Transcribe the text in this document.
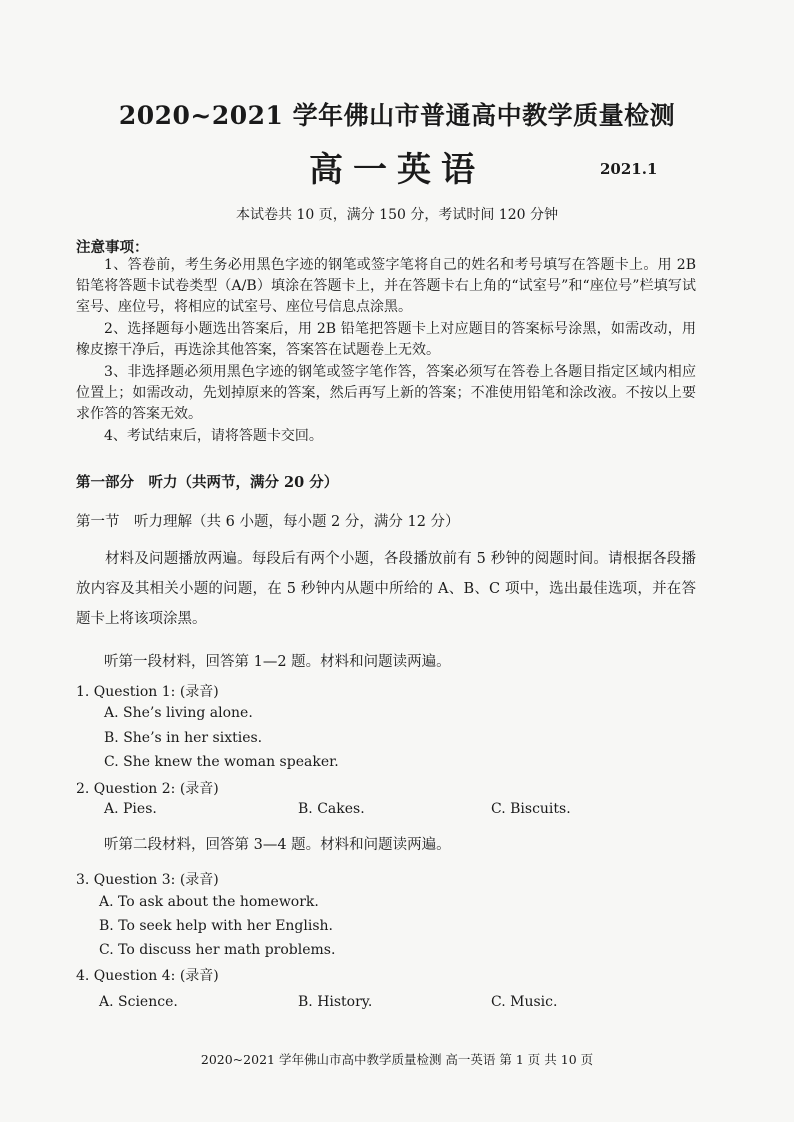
2020~2021 学年佛山市普通高中教学质量检测
高一英语	2021.1
本试卷共 10 页，满分 150 分，考试时间 120 分钟
注意事项：
1、答卷前，考生务必用黑色字迹的钢笔或签字笔将自己的姓名和考号填写在答题卡上。用 2B 铅笔将答题卡试卷类型（A/B）填涂在答题卡上，并在答题卡右上角的“试室号”和“座位号”栏填写试室号、座位号，将相应的试室号、座位号信息点涂黑。
2、选择题每小题选出答案后，用 2B 铅笔把答题卡上对应题目的答案标号涂黑，如需改动，用橡皮擦干净后，再选涂其他答案，答案答在试题卷上无效。
3、非选择题必须用黑色字迹的钢笔或签字笔作答，答案必须写在答卷上各题目指定区域内相应位置上；如需改动，先划掉原来的答案，然后再写上新的答案；不准使用铅笔和涂改液。不按以上要求作答的答案无效。
4、考试结束后，请将答题卡交回。
第一部分　听力（共两节，满分 20 分）
第一节　听力理解（共 6 小题，每小题 2 分，满分 12 分）
材料及问题播放两遍。每段后有两个小题，各段播放前有 5 秒钟的阅题时间。请根据各段播放内容及其相关小题的问题，在 5 秒钟内从题中所给的 A、B、C 项中，选出最佳选项，并在答题卡上将该项涂黑。
听第一段材料，回答第 1—2 题。材料和问题读两遍。
1. Question 1: (录音)
A. She’s living alone.
B. She’s in her sixties.
C. She knew the woman speaker.
2. Question 2: (录音)
A. Pies.	B. Cakes.	C. Biscuits.
听第二段材料，回答第 3—4 题。材料和问题读两遍。
3. Question 3: (录音)
A. To ask about the homework.
B. To seek help with her English.
C. To discuss her math problems.
4. Question 4: (录音)
A. Science.	B. History.	C. Music.
2020~2021 学年佛山市高中教学质量检测 高一英语 第 1 页 共 10 页
